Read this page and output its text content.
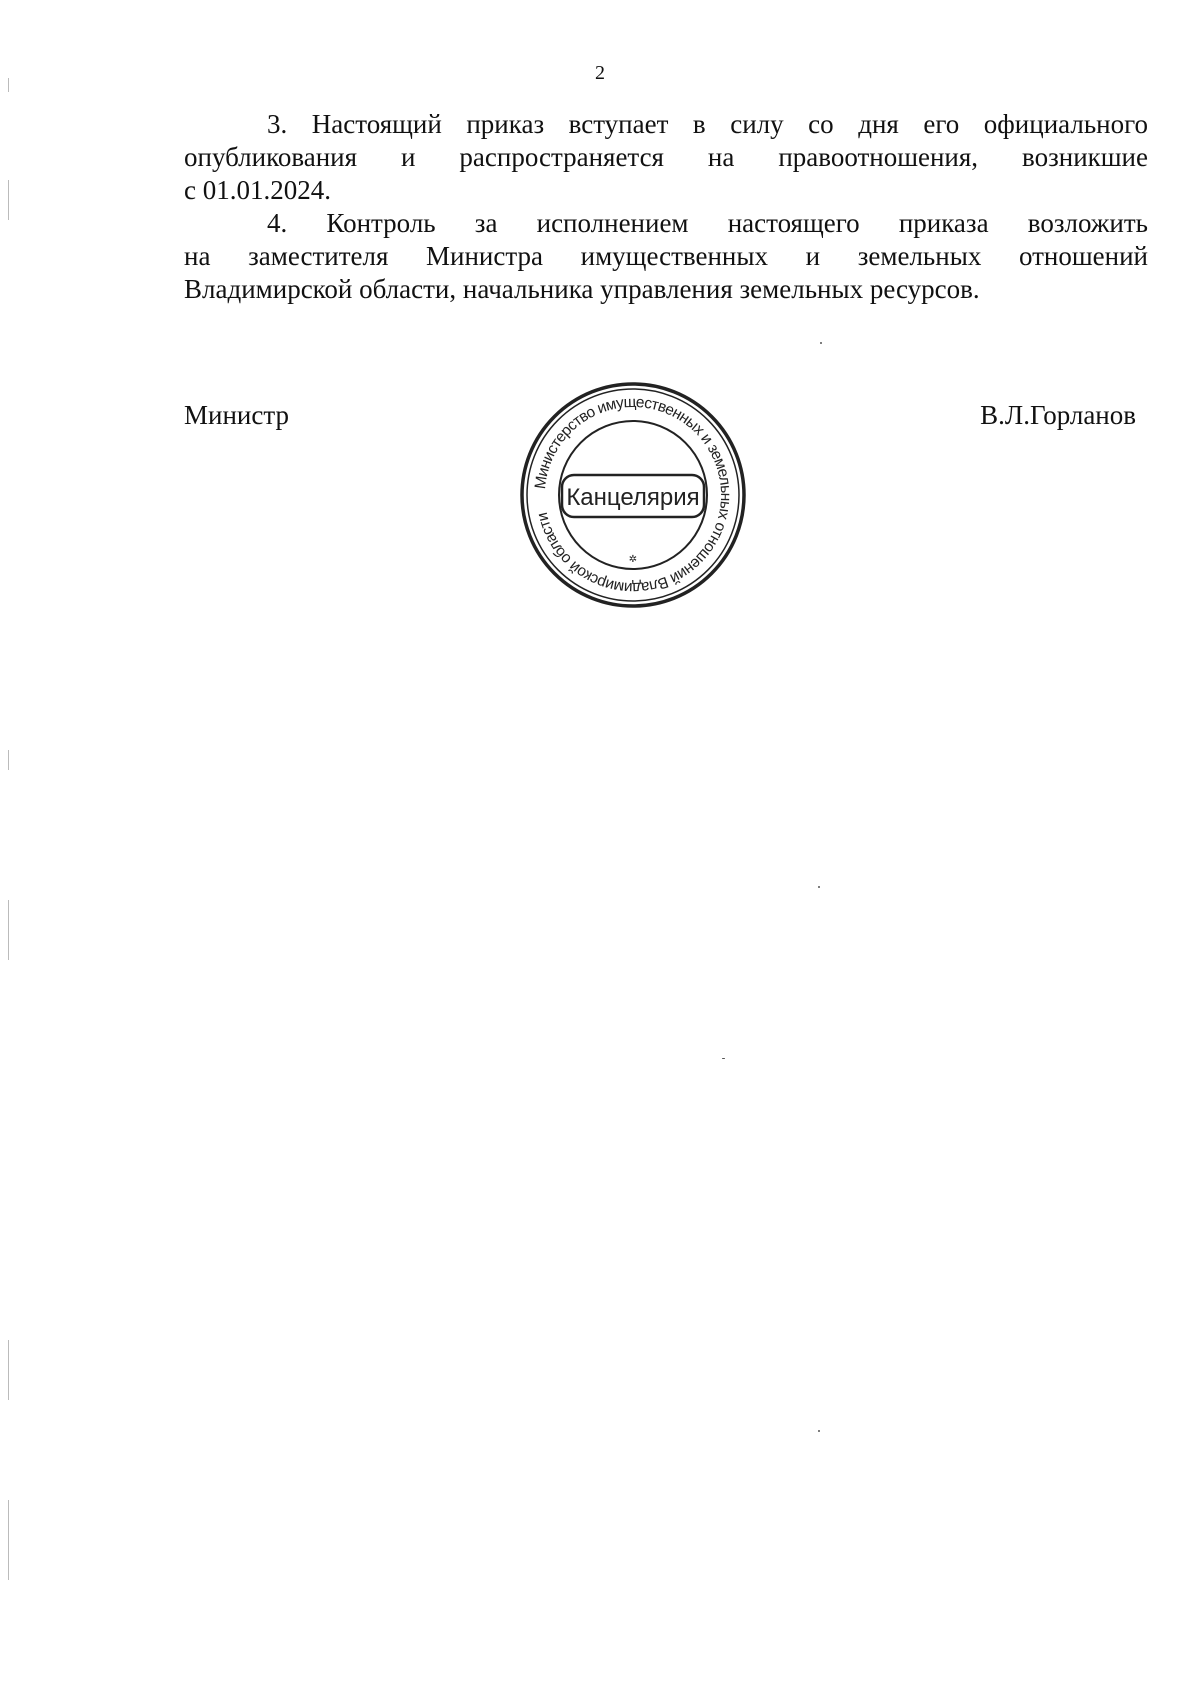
2

3. Настоящий приказ вступает в силу со дня его официального
опубликования и распространяется на правоотношения, возникшие
с 01.01.2024.

4. Контроль за исполнением настоящего приказа возложить
на заместителя Министра имущественных и земельных отношений
Владимирской области, начальника управления земельных ресурсов.

Министр	В.Л.Горланов
Министерство имущественных и земельных отношений Владимирской области
✲
Канцелярия
